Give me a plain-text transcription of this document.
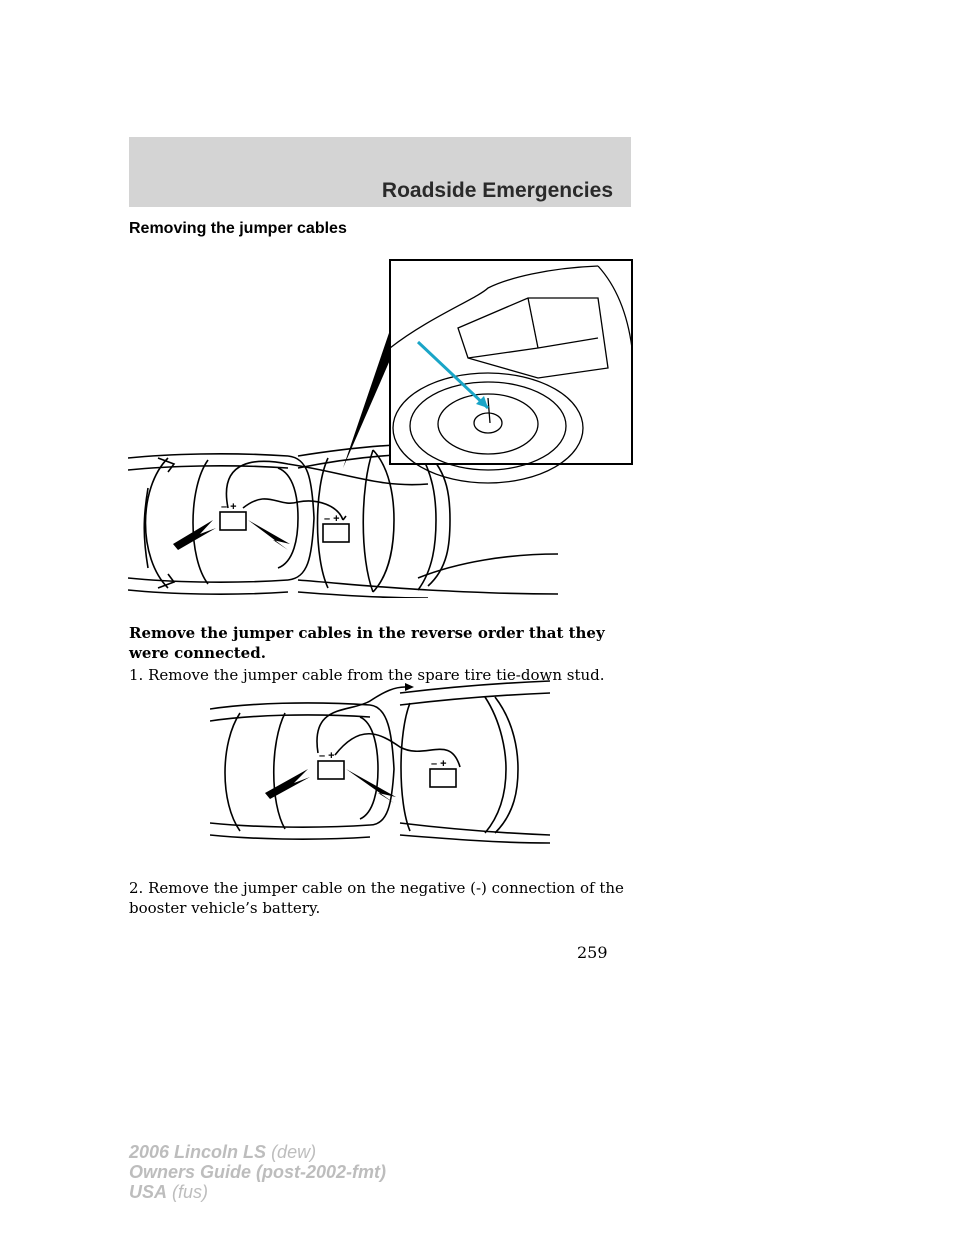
Roadside Emergencies
Removing the jumper cables
– +
– +

Remove the jumper cables in the reverse order that they were connected.

1. Remove the jumper cable from the spare tire tie-down stud.

– +
– +

2. Remove the jumper cable on the negative (-) connection of the booster vehicle’s battery.

259
2006 Lincoln LS (dew)
Owners Guide (post-2002-fmt)
USA (fus)
